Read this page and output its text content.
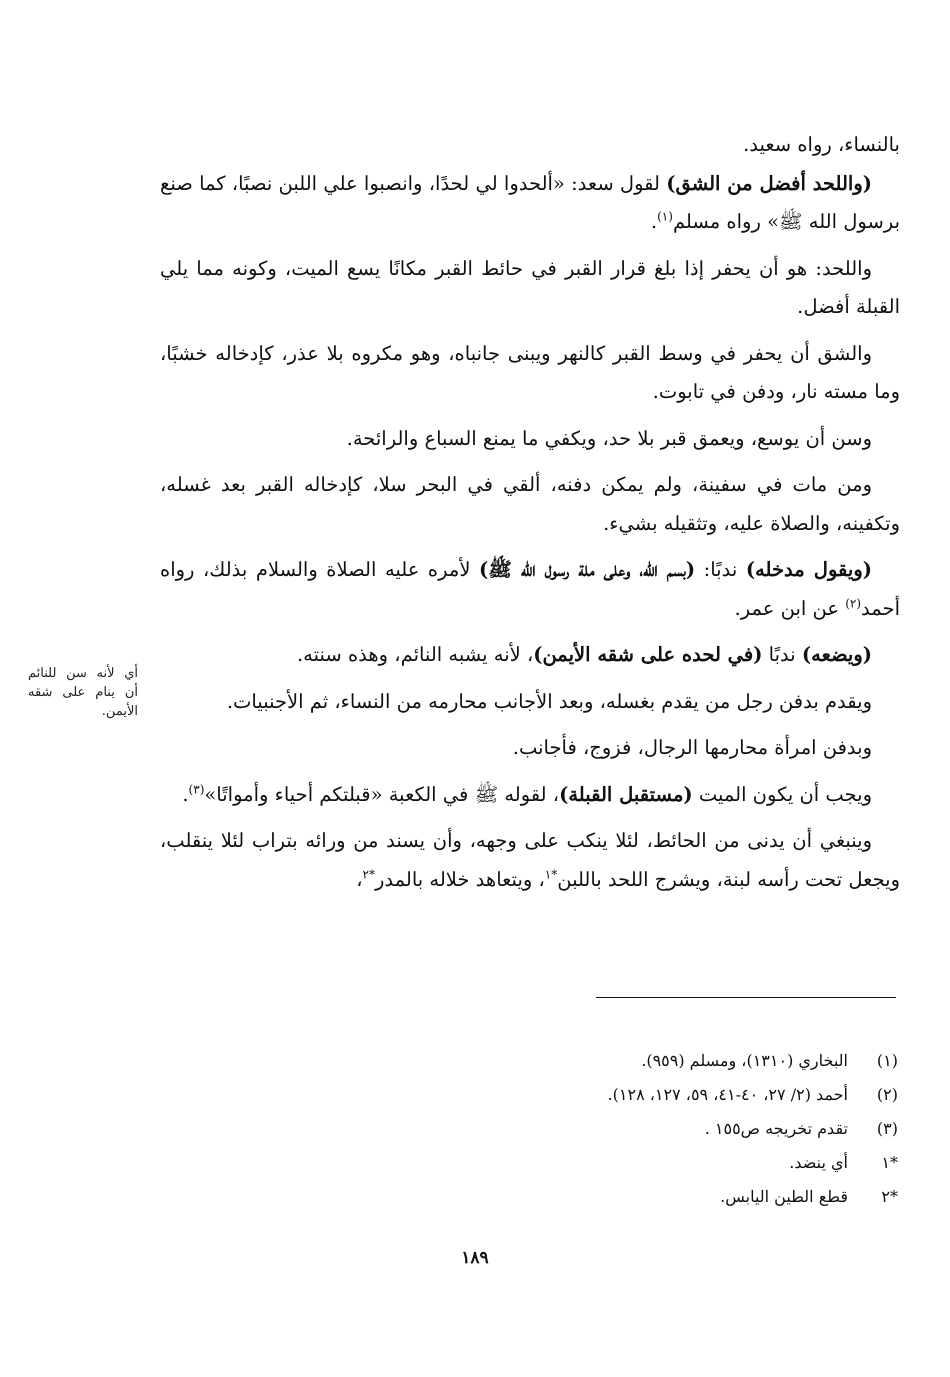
بالنساء، رواه سعيد.

(واللحد أفضل من الشق) لقول سعد: «ألحدوا لي لحدًا، وانصبوا علي اللبن نصبًا، كما صنع برسول الله ﷺ» رواه مسلم$^{(١)}$.

واللحد: هو أن يحفر إذا بلغ قرار القبر في حائط القبر مكانًا يسع الميت، وكونه مما يلي القبلة أفضل.

والشق أن يحفر في وسط القبر كالنهر ويبنى جانباه، وهو مكروه بلا عذر، كإدخاله خشبًا، وما مسته نار، ودفن في تابوت.

وسن أن يوسع، ويعمق قبر بلا حد، ويكفي ما يمنع السباع والرائحة.

ومن مات في سفينة، ولم يمكن دفنه، ألقي في البحر سلا، كإدخاله القبر بعد غسله، وتكفينه، والصلاة عليه، وتثقيله بشيء.

(ويقول مدخله) ندبًا: (بسم الله، وعلى ملة رسول الله ﷺ) لأمره عليه الصلاة والسلام بذلك، رواه أحمد$^{(٢)}$ عن ابن عمر.

(ويضعه) ندبًا (في لحده على شقه الأيمن)، لأنه يشبه النائم، وهذه سنته.

ويقدم بدفن رجل من يقدم بغسله، وبعد الأجانب محارمه من النساء، ثم الأجنبيات.

وبدفن امرأة محارمها الرجال، فزوج، فأجانب.

ويجب أن يكون الميت (مستقبل القبلة)، لقوله ﷺ في الكعبة «قبلتكم أحياء وأمواتًا»$^{(٣)}$.

وينبغي أن يدنى من الحائط، لئلا ينكب على وجهه، وأن يسند من ورائه بتراب لئلا ينقلب، ويجعل تحت رأسه لبنة، ويشرج اللحد باللبن$^{*١}$، ويتعاهد خلاله بالمدر$^{*٢}$،

أي لأنه سن للنائم أن ينام على شقه الأيمن.
(١)
البخاري (١٣١٠)، ومسلم (٩٥٩).
(٢)
أحمد (٢/ ٢٧، ٤٠-٤١، ٥٩، ١٢٧، ١٢٨).
(٣)
تقدم تخريجه ص١٥٥ .
*١
أي ينضد.
*٢
قطع الطين اليابس.
١٨٩
